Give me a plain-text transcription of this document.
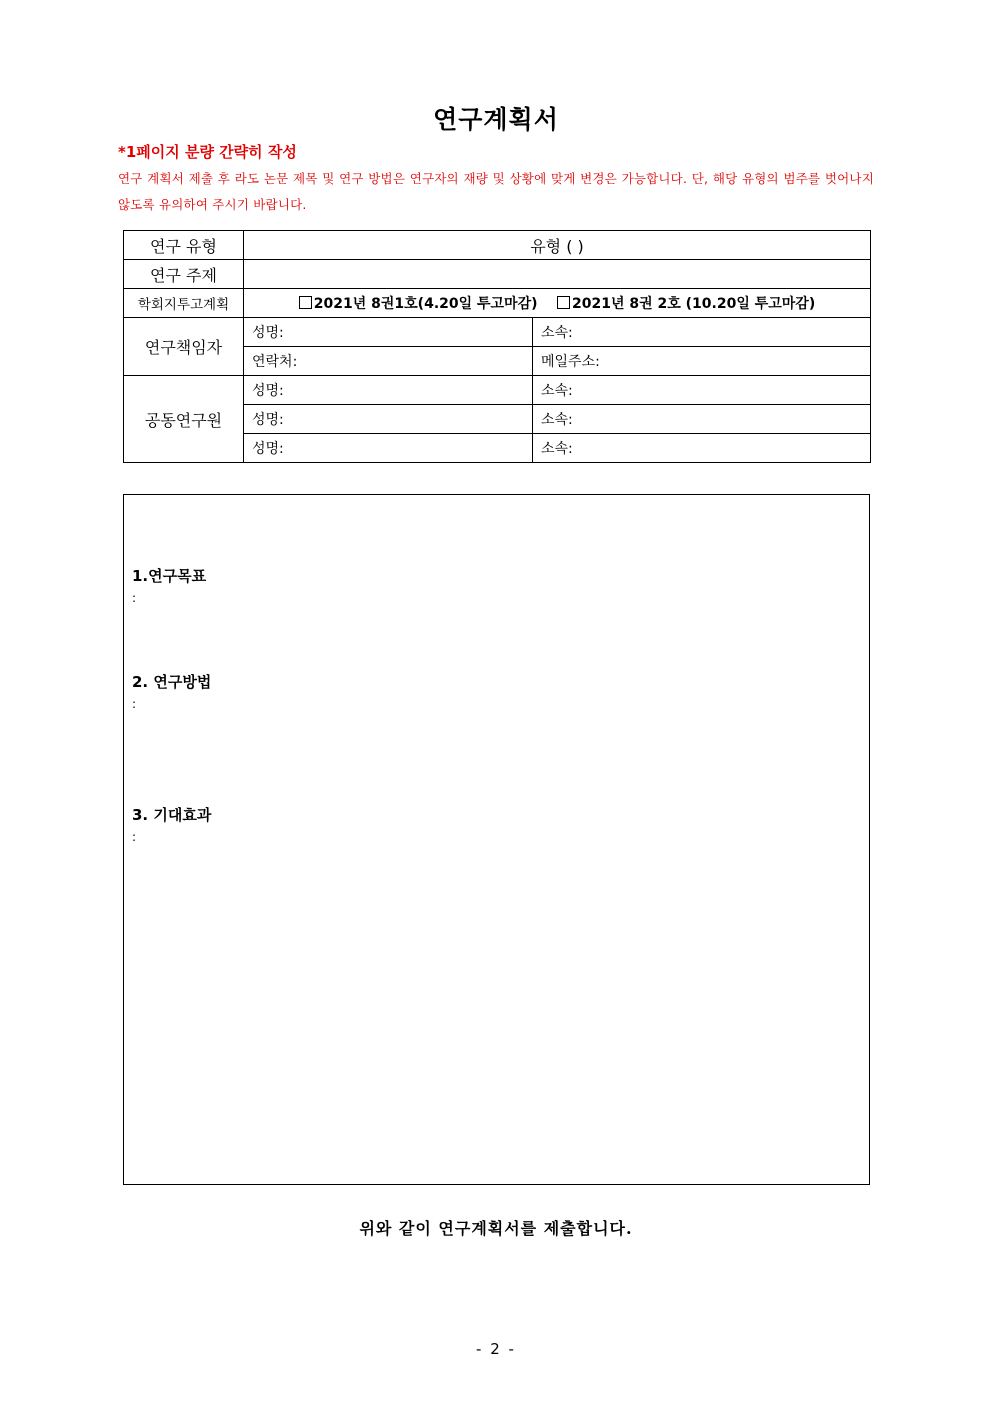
연구계획서
*1페이지 분량 간략히 작성
연구 계획서 제출 후 라도 논문 제목 및 연구 방법은 연구자의 재량 및 상황에 맞게 변경은 가능합니다. 단, 해당 유형의 범주를 벗어나지 않도록 유의하여 주시기 바랍니다.
연구 유형	유형 ( )	
연구 주제		
학회지투고계획	2021년 8권1호(4.20일 투고마감) 2021년 8권 2호 (10.20일 투고마감)	
연구책임자	성명:	소속:
	연락처:	메일주소:
공동연구원	성명:	소속:
	성명:	소속:
	성명:	소속:
1.연구목표
:
2. 연구방법
:
3. 기대효과
:
위와 같이 연구계획서를 제출합니다.
- 2 -
